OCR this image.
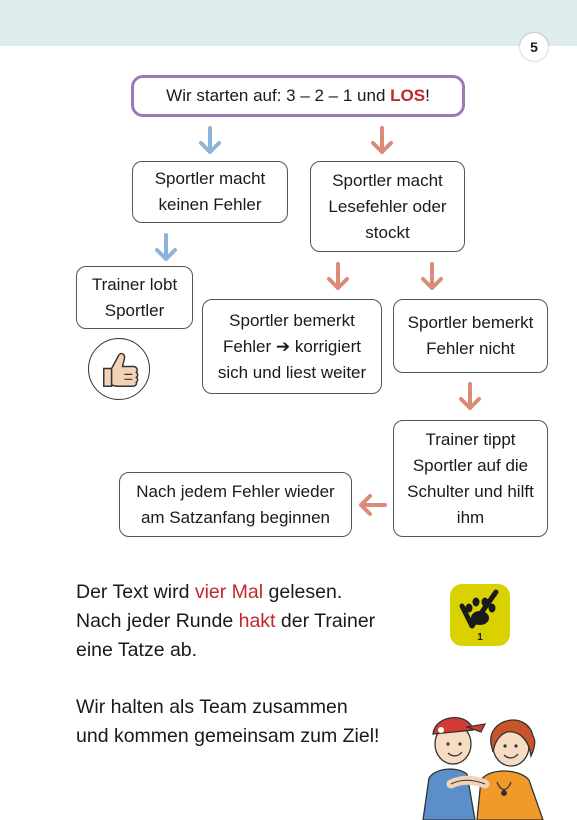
5
Wir starten auf: 3 – 2 – 1 und LOS!
Sportler macht keinen Fehler
Sportler macht Lesefehler oder stockt
Trainer lobt Sportler
Sportler bemerkt Fehler ➔ korrigiert sich und liest weiter
Sportler bemerkt Fehler nicht
Trainer tippt Sportler auf die Schulter und hilft ihm
Nach jedem Fehler wieder am Satzanfang beginnen
Der Text wird vier Mal gelesen.
Nach jeder Runde hakt der Trainer
eine Tatze ab.
1
Wir halten als Team zusammen
und kommen gemeinsam zum Ziel!
